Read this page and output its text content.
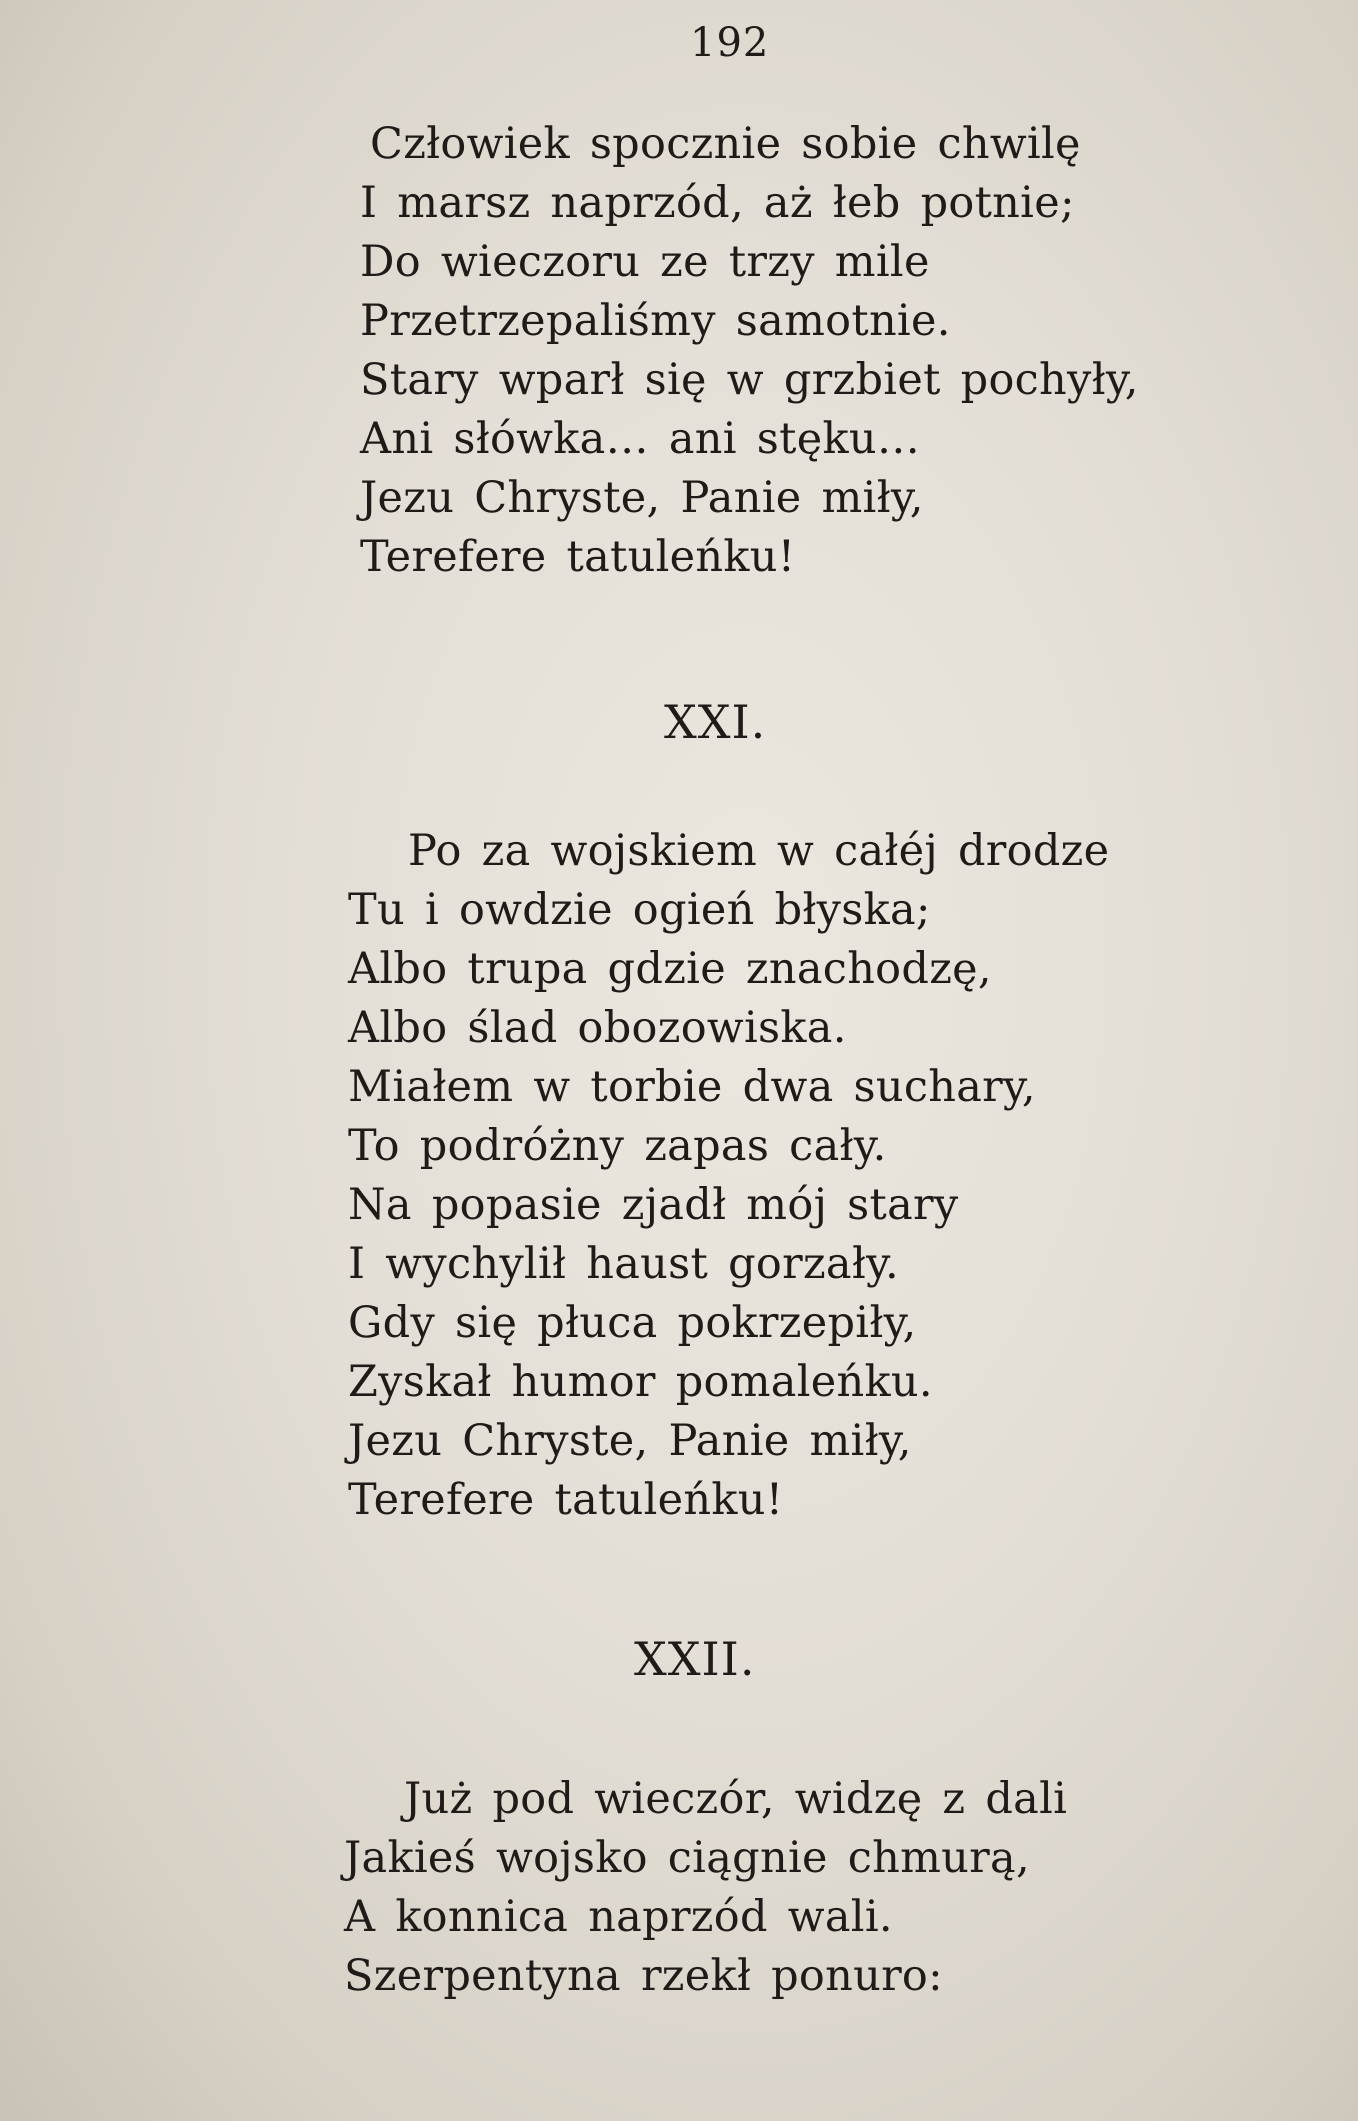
192
Człowiek spocznie sobie chwilę
I marsz naprzód, aż łeb potnie;
Do wieczoru ze trzy mile
Przetrzepaliśmy samotnie.
Stary wparł się w grzbiet pochyły,
Ani słówka… ani stęku…
Jezu Chryste, Panie miły,
Terefere tatuleńku!
XXI.
Po za wojskiem w całéj drodze
Tu i owdzie ogień błyska;
Albo trupa gdzie znachodzę,
Albo ślad obozowiska.
Miałem w torbie dwa suchary,
To podróżny zapas cały.
Na popasie zjadł mój stary
I wychylił haust gorzały.
Gdy się płuca pokrzepiły,
Zyskał humor pomaleńku.
Jezu Chryste, Panie miły,
Terefere tatuleńku!
XXII.
Już pod wieczór, widzę z dali
Jakieś wojsko ciągnie chmurą,
A konnica naprzód wali.
Szerpentyna rzekł ponuro:
